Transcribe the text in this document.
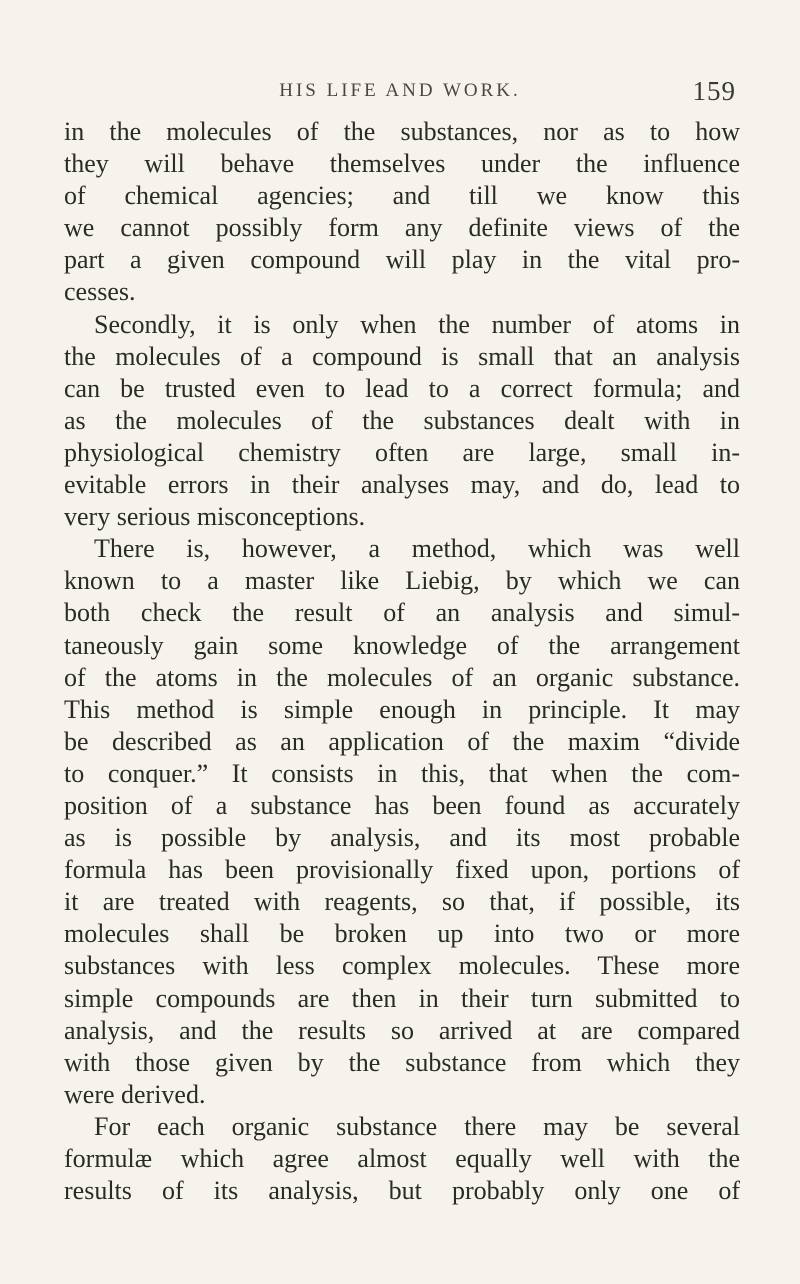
HIS LIFE AND WORK.	159
in the molecules of the substances, nor as to how
they will behave themselves under the influence
of chemical agencies; and till we know this
we cannot possibly form any definite views of the
part a given compound will play in the vital pro-
cesses.
Secondly, it is only when the number of atoms in
the molecules of a compound is small that an analysis
can be trusted even to lead to a correct formula; and
as the molecules of the substances dealt with in
physiological chemistry often are large, small in-
evitable errors in their analyses may, and do, lead to
very serious misconceptions.
There is, however, a method, which was well
known to a master like Liebig, by which we can
both check the result of an analysis and simul-
taneously gain some knowledge of the arrangement
of the atoms in the molecules of an organic substance.
This method is simple enough in principle. It may
be described as an application of the maxim “divide
to conquer.” It consists in this, that when the com-
position of a substance has been found as accurately
as is possible by analysis, and its most probable
formula has been provisionally fixed upon, portions of
it are treated with reagents, so that, if possible, its
molecules shall be broken up into two or more
substances with less complex molecules. These more
simple compounds are then in their turn submitted to
analysis, and the results so arrived at are compared
with those given by the substance from which they
were derived.
For each organic substance there may be several
formulæ which agree almost equally well with the
results of its analysis, but probably only one of
